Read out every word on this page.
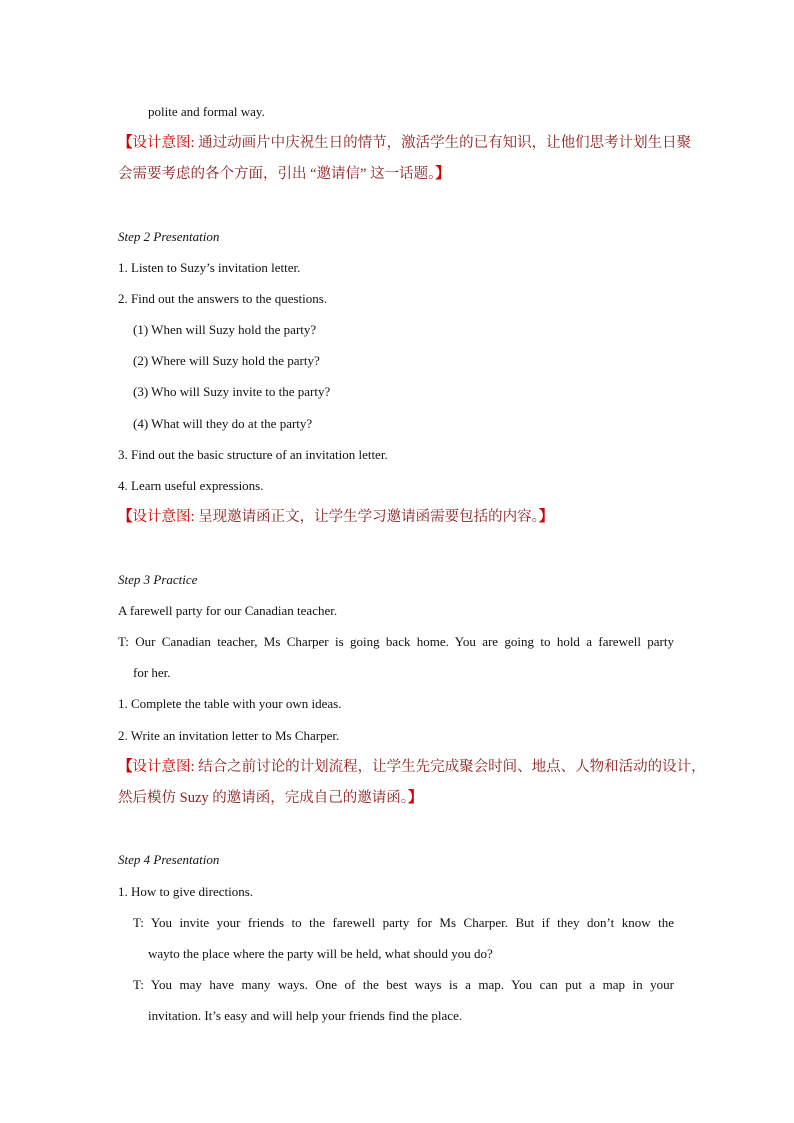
polite and formal way.
【设计意图: 通过动画片中庆祝生日的情节，激活学生的已有知识，让他们思考计划生日聚
会需要考虑的各个方面，引出 “邀请信” 这一话题。】
Step 2 Presentation
1. Listen to Suzy’s invitation letter.
2. Find out the answers to the questions.
(1) When will Suzy hold the party?
(2) Where will Suzy hold the party?
(3) Who will Suzy invite to the party?
(4) What will they do at the party?
3. Find out the basic structure of an invitation letter.
4. Learn useful expressions.
【设计意图: 呈现邀请函正文，让学生学习邀请函需要包括的内容。】
Step 3 Practice
A farewell party for our Canadian teacher.
T: Our Canadian teacher, Ms Charper is going back home. You are going to hold a farewell party
for her.
1. Complete the table with your own ideas.
2. Write an invitation letter to Ms Charper.
【设计意图: 结合之前讨论的计划流程，让学生先完成聚会时间、地点、人物和活动的设计，
然后模仿 Suzy 的邀请函，完成自己的邀请函。】
Step 4 Presentation
1. How to give directions.
T: You invite your friends to the farewell party for Ms Charper. But if they don’t know the
wayto the place where the party will be held, what should you do?
T: You may have many ways. One of the best ways is a map. You can put a map in your
invitation. It’s easy and will help your friends find the place.
